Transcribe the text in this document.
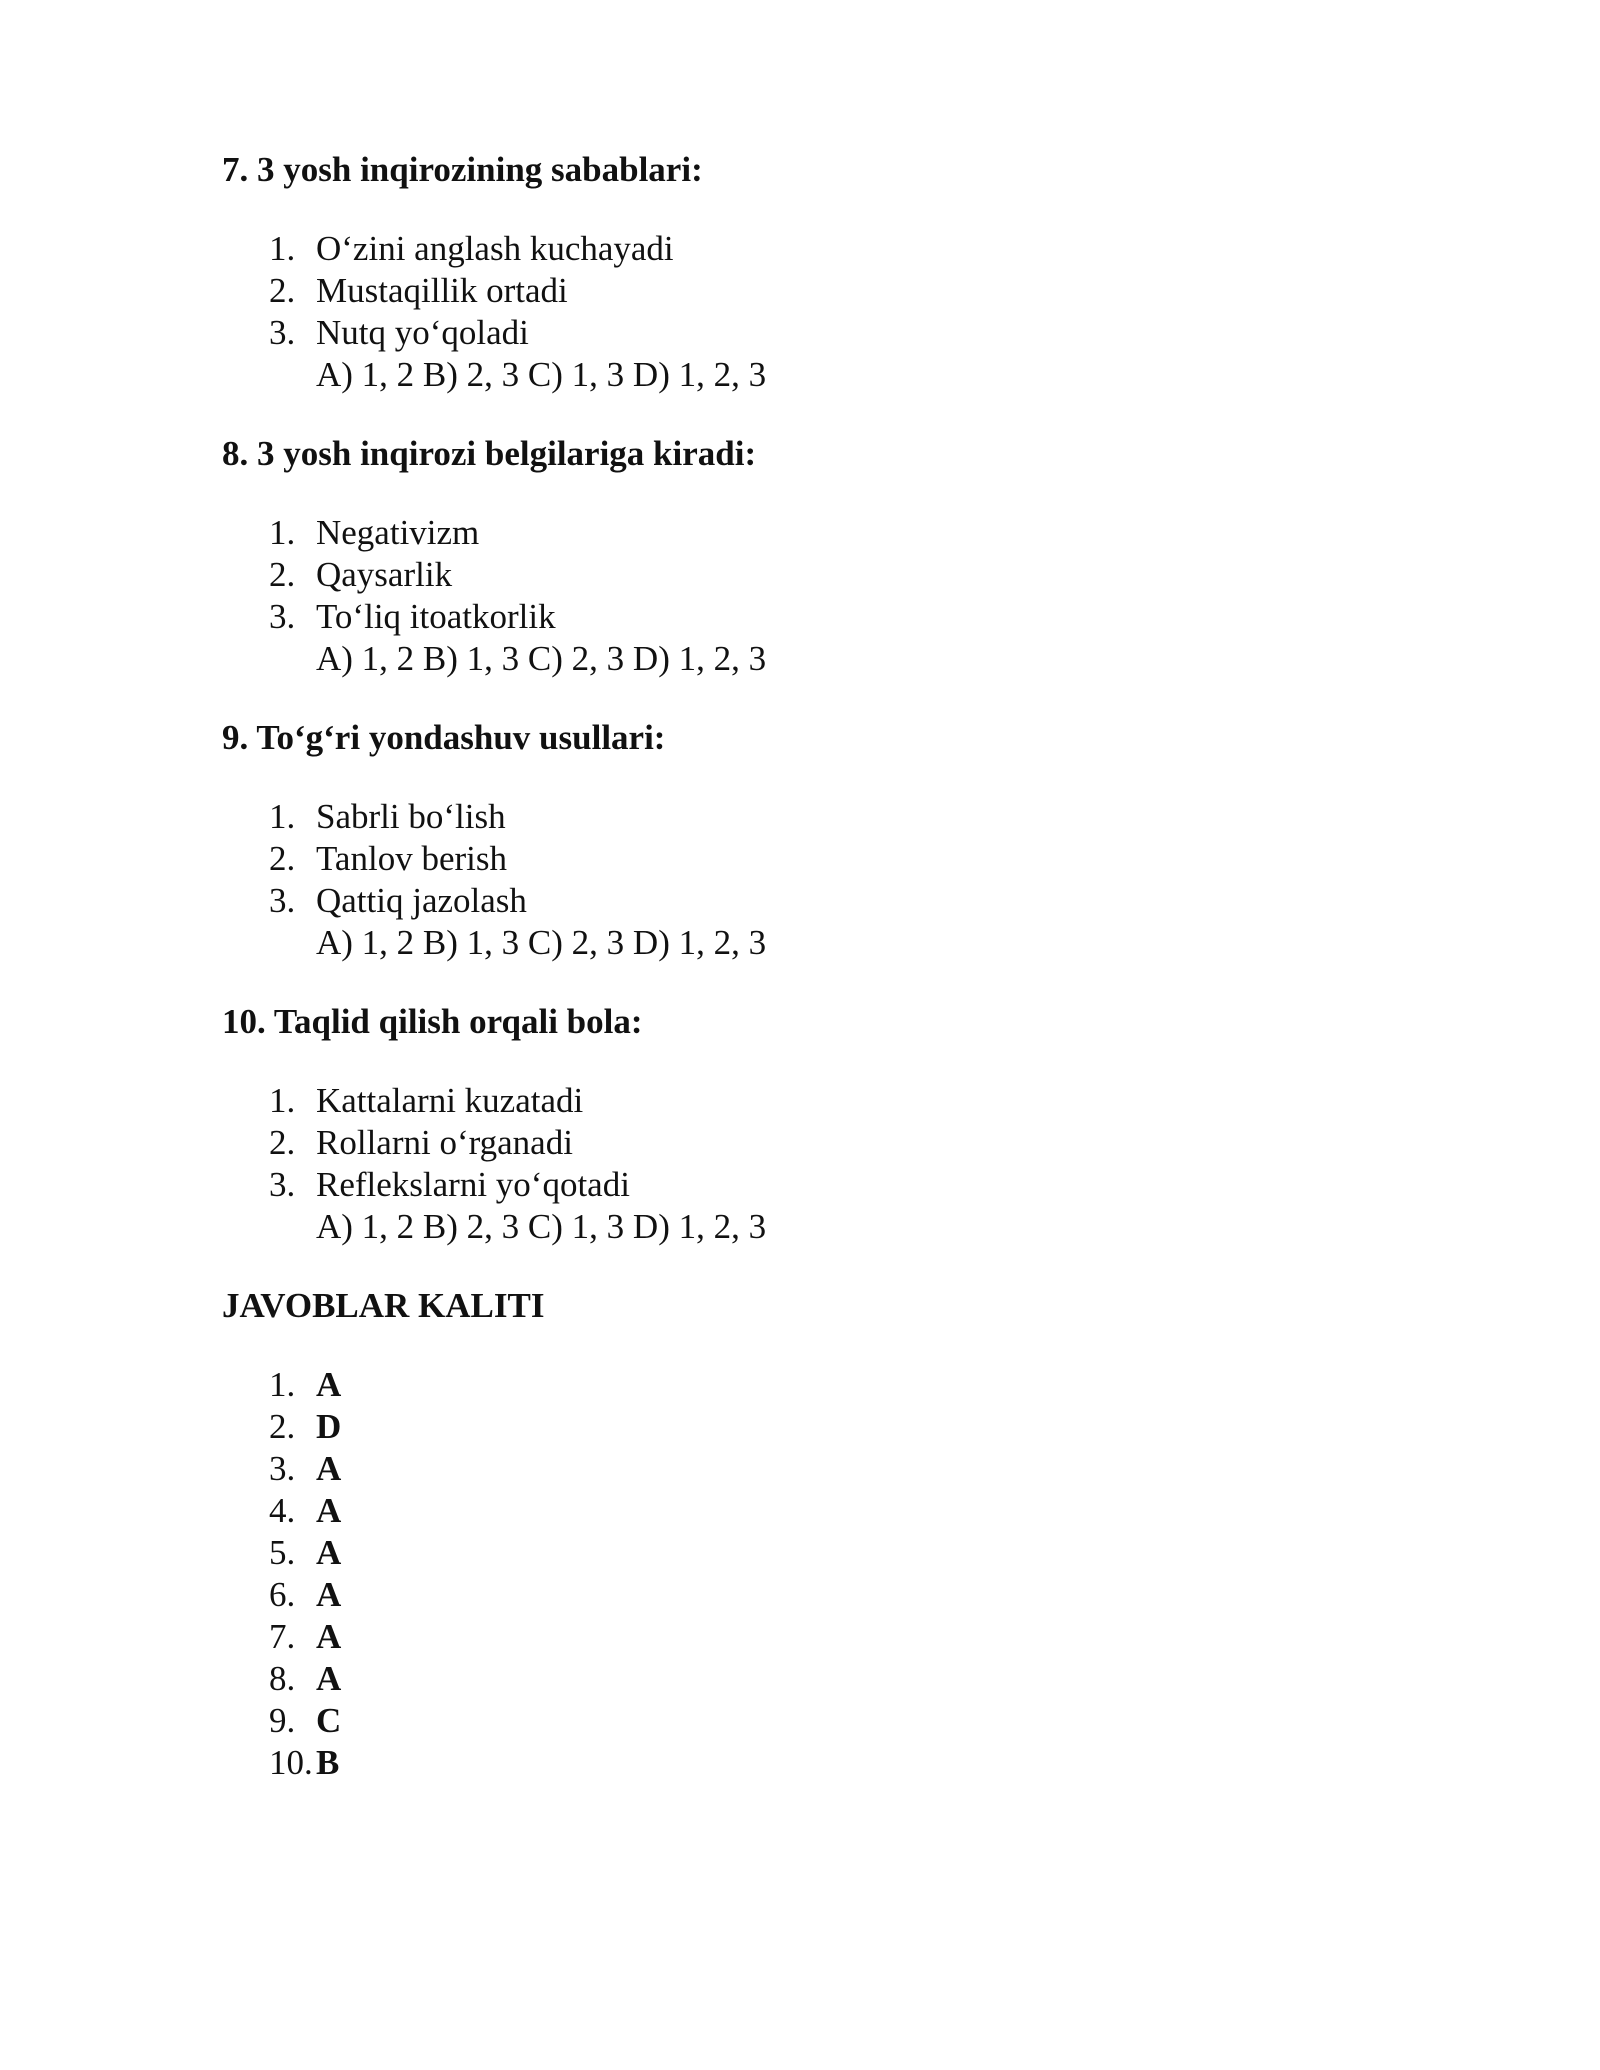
7. 3 yosh inqirozining sabablari:
1. O‘zini anglash kuchayadi
2. Mustaqillik ortadi
3. Nutq yo‘qoladi
A) 1, 2 B) 2, 3 C) 1, 3 D) 1, 2, 3
8. 3 yosh inqirozi belgilariga kiradi:
1. Negativizm
2. Qaysarlik
3. To‘liq itoatkorlik
A) 1, 2 B) 1, 3 C) 2, 3 D) 1, 2, 3
9. To‘g‘ri yondashuv usullari:
1. Sabrli bo‘lish
2. Tanlov berish
3. Qattiq jazolash
A) 1, 2 B) 1, 3 C) 2, 3 D) 1, 2, 3
10. Taqlid qilish orqali bola:
1. Kattalarni kuzatadi
2. Rollarni o‘rganadi
3. Reflekslarni yo‘qotadi
A) 1, 2 B) 2, 3 C) 1, 3 D) 1, 2, 3
JAVOBLAR KALITI
1. A
2. D
3. A
4. A
5. A
6. A
7. A
8. A
9. C
10. B
